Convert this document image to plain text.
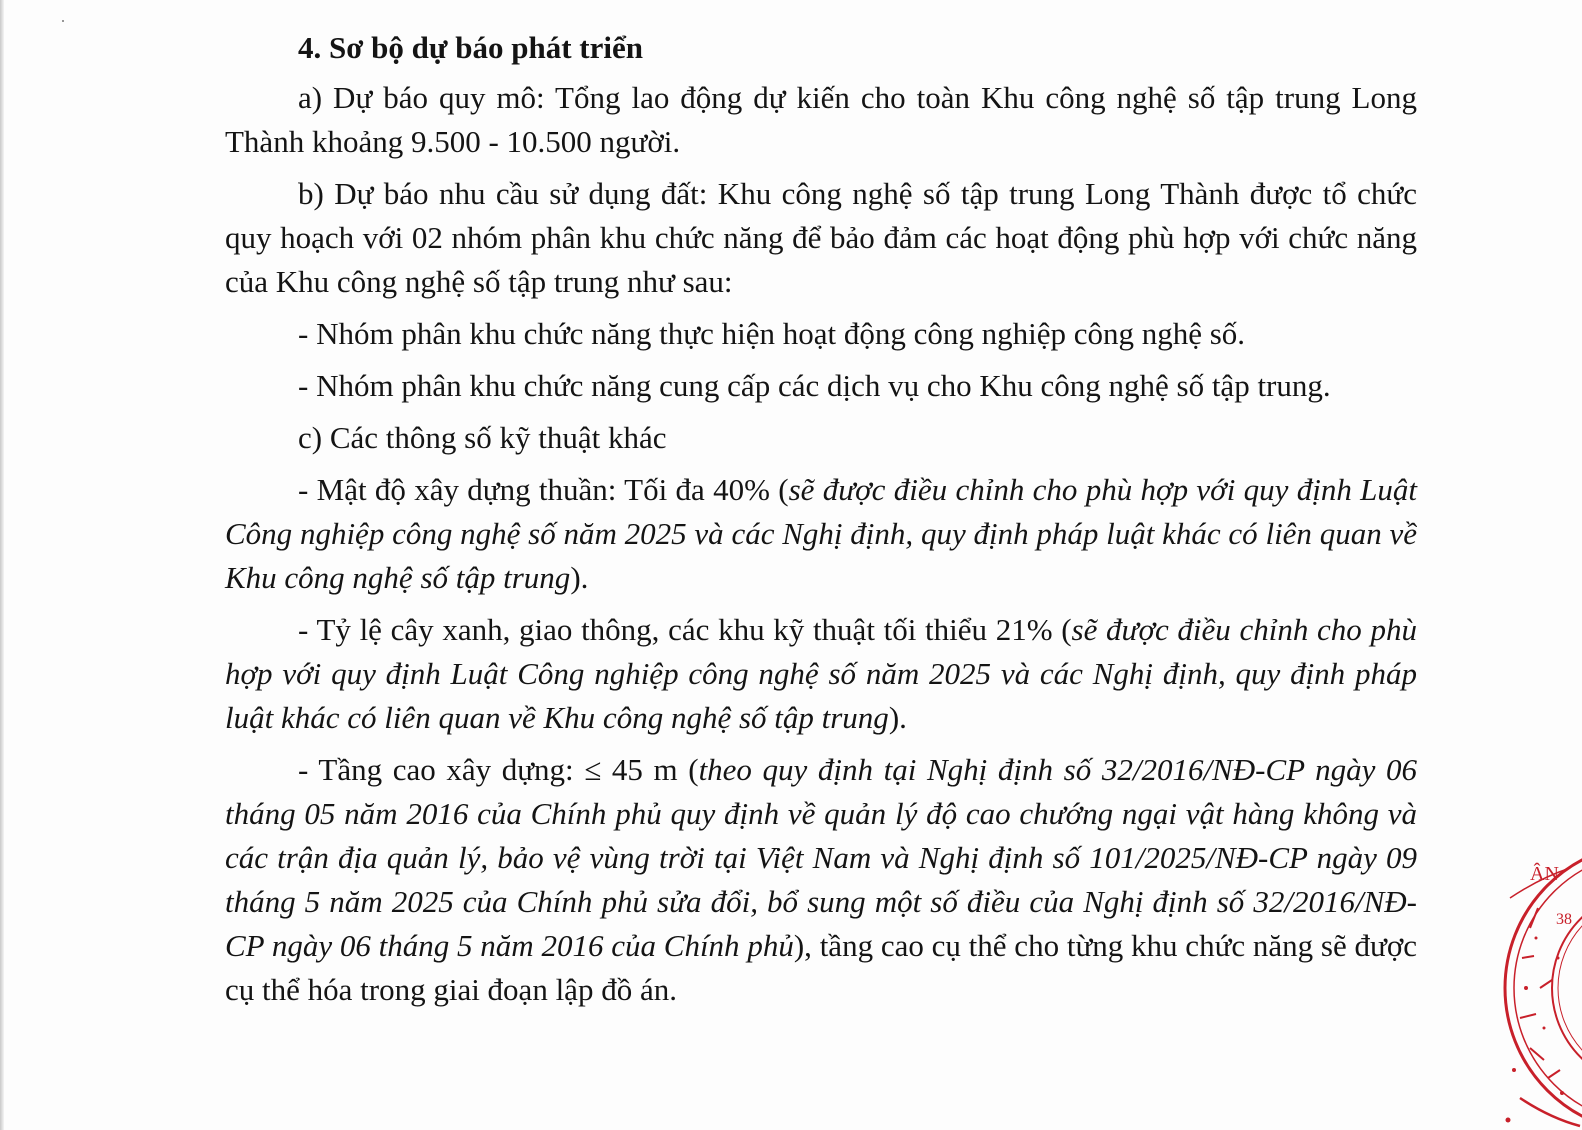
4. Sơ bộ dự báo phát triển

a) Dự báo quy mô: Tổng lao động dự kiến cho toàn Khu công nghệ số tập trung Long Thành khoảng 9.500 - 10.500 người.

b) Dự báo nhu cầu sử dụng đất: Khu công nghệ số tập trung Long Thành được tổ chức quy hoạch với 02 nhóm phân khu chức năng để bảo đảm các hoạt động phù hợp với chức năng của Khu công nghệ số tập trung như sau:

- Nhóm phân khu chức năng thực hiện hoạt động công nghiệp công nghệ số.

- Nhóm phân khu chức năng cung cấp các dịch vụ cho Khu công nghệ số tập trung.

c) Các thông số kỹ thuật khác

- Mật độ xây dựng thuần: Tối đa 40% (sẽ được điều chỉnh cho phù hợp với quy định Luật Công nghiệp công nghệ số năm 2025 và các Nghị định, quy định pháp luật khác có liên quan về Khu công nghệ số tập trung).

- Tỷ lệ cây xanh, giao thông, các khu kỹ thuật tối thiểu 21% (sẽ được điều chỉnh cho phù hợp với quy định Luật Công nghiệp công nghệ số năm 2025 và các Nghị định, quy định pháp luật khác có liên quan về Khu công nghệ số tập trung).

- Tầng cao xây dựng: ≤ 45 m (theo quy định tại Nghị định số 32/2016/NĐ-CP ngày 06 tháng 05 năm 2016 của Chính phủ quy định về quản lý độ cao chướng ngại vật hàng không và các trận địa quản lý, bảo vệ vùng trời tại Việt Nam và Nghị định số 101/2025/NĐ-CP ngày 09 tháng 5 năm 2025 của Chính phủ sửa đổi, bổ sung một số điều của Nghị định số 32/2016/NĐ-CP ngày 06 tháng 5 năm 2016 của Chính phủ), tầng cao cụ thể cho từng khu chức năng sẽ được cụ thể hóa trong giai đoạn lập đồ án.

ÂN
38
